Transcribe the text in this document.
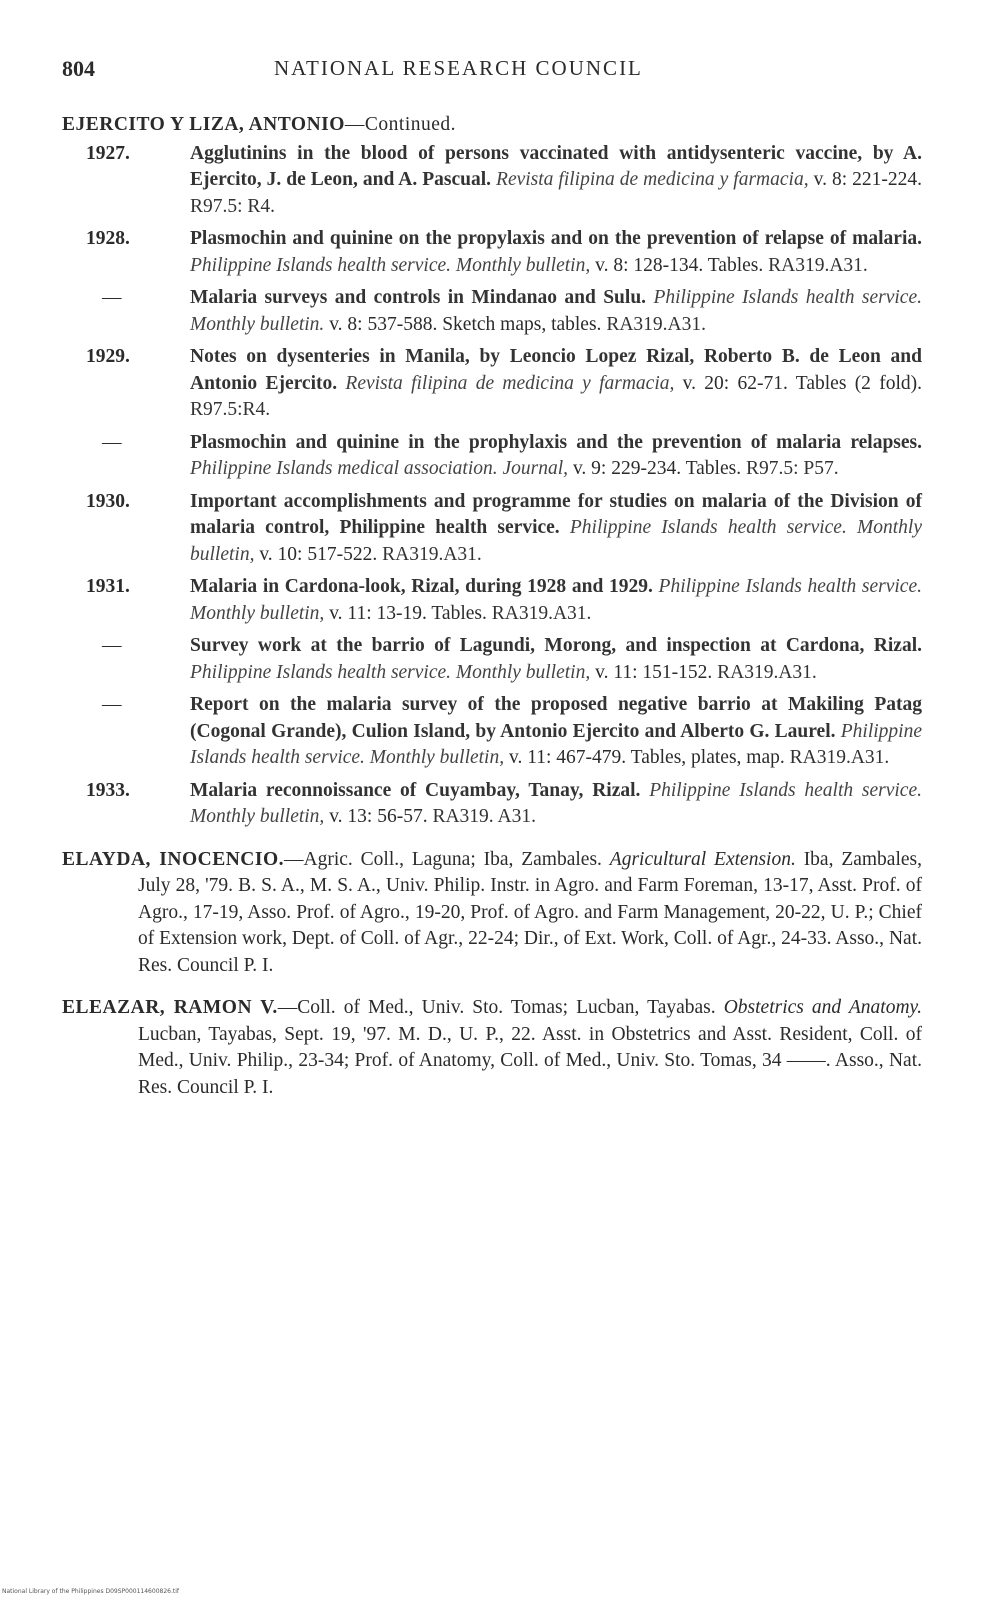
804	NATIONAL RESEARCH COUNCIL
EJERCITO Y LIZA, ANTONIO—Continued.
1927.	Agglutinins in the blood of persons vaccinated with antidysenteric vaccine, by A. Ejercito, J. de Leon, and A. Pascual. Revista filipina de medicina y farmacia, v. 8: 221-224. R97.5: R4.
1928.	Plasmochin and quinine on the propylaxis and on the prevention of relapse of malaria. Philippine Islands health service. Monthly bulletin, v. 8: 128-134. Tables. RA319.A31.
—	Malaria surveys and controls in Mindanao and Sulu. Philippine Islands health service. Monthly bulletin. v. 8: 537-588. Sketch maps, tables. RA319.A31.
1929.	Notes on dysenteries in Manila, by Leoncio Lopez Rizal, Roberto B. de Leon and Antonio Ejercito. Revista filipina de medicina y farmacia, v. 20: 62-71. Tables (2 fold). R97.5:R4.
—	Plasmochin and quinine in the prophylaxis and the prevention of malaria relapses. Philippine Islands medical association. Journal, v. 9: 229-234. Tables. R97.5: P57.
1930.	Important accomplishments and programme for studies on malaria of the Division of malaria control, Philippine health service. Philippine Islands health service. Monthly bulletin, v. 10: 517-522. RA319.A31.
1931.	Malaria in Cardona-look, Rizal, during 1928 and 1929. Philippine Islands health service. Monthly bulletin, v. 11: 13-19. Tables. RA319.A31.
—	Survey work at the barrio of Lagundi, Morong, and inspection at Cardona, Rizal. Philippine Islands health service. Monthly bulletin, v. 11: 151-152. RA319.A31.
—	Report on the malaria survey of the proposed negative barrio at Makiling Patag (Cogonal Grande), Culion Island, by Antonio Ejercito and Alberto G. Laurel. Philippine Islands health service. Monthly bulletin, v. 11: 467-479. Tables, plates, map. RA319.A31.
1933.	Malaria reconnoissance of Cuyambay, Tanay, Rizal. Philippine Islands health service. Monthly bulletin, v. 13: 56-57. RA319. A31.
ELAYDA, INOCENCIO.—Agric. Coll., Laguna; Iba, Zambales. Agricultural Extension. Iba, Zambales, July 28, '79. B. S. A., M. S. A., Univ. Philip. Instr. in Agro. and Farm Foreman, 13-17, Asst. Prof. of Agro., 17-19, Asso. Prof. of Agro., 19-20, Prof. of Agro. and Farm Management, 20-22, U. P.; Chief of Extension work, Dept. of Coll. of Agr., 22-24; Dir., of Ext. Work, Coll. of Agr., 24-33. Asso., Nat. Res. Council P. I.
ELEAZAR, RAMON V.—Coll. of Med., Univ. Sto. Tomas; Lucban, Tayabas. Obstetrics and Anatomy. Lucban, Tayabas, Sept. 19, '97. M. D., U. P., 22. Asst. in Obstetrics and Asst. Resident, Coll. of Med., Univ. Philip., 23-34; Prof. of Anatomy, Coll. of Med., Univ. Sto. Tomas, 34 ——. Asso., Nat. Res. Council P. I.
National Library of the Philippines D09SP000114600826.tif
